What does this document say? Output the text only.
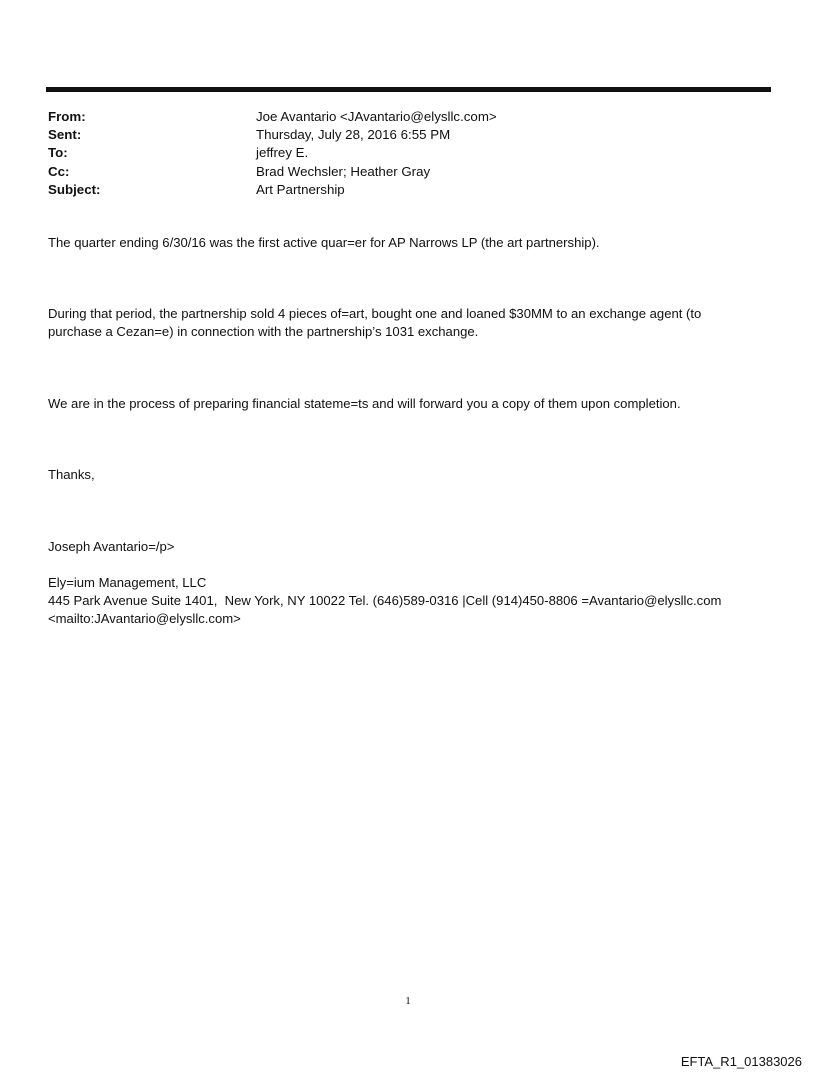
From:	Joe Avantario <JAvantario@elysllc.com>
Sent:	Thursday, July 28, 2016 6:55 PM
To:	jeffrey E.
Cc:	Brad Wechsler; Heather Gray
Subject:	Art Partnership

The quarter ending 6/30/16 was the first active quar=er for AP Narrows LP (the art partnership).

During that period, the partnership sold 4 pieces of=art, bought one and loaned $30MM to an exchange agent (to
purchase a Cezan=e) in connection with the partnership’s 1031 exchange.

We are in the process of preparing financial stateme=ts and will forward you a copy of them upon completion.

Thanks,

Joseph Avantario=/p>

Ely=ium Management, LLC
445 Park Avenue Suite 1401,  New York, NY 10022 Tel. (646)589-0316 |Cell (914)450-8806 =Avantario@elysllc.com
<mailto:JAvantario@elysllc.com>

1
EFTA_R1_01383026
